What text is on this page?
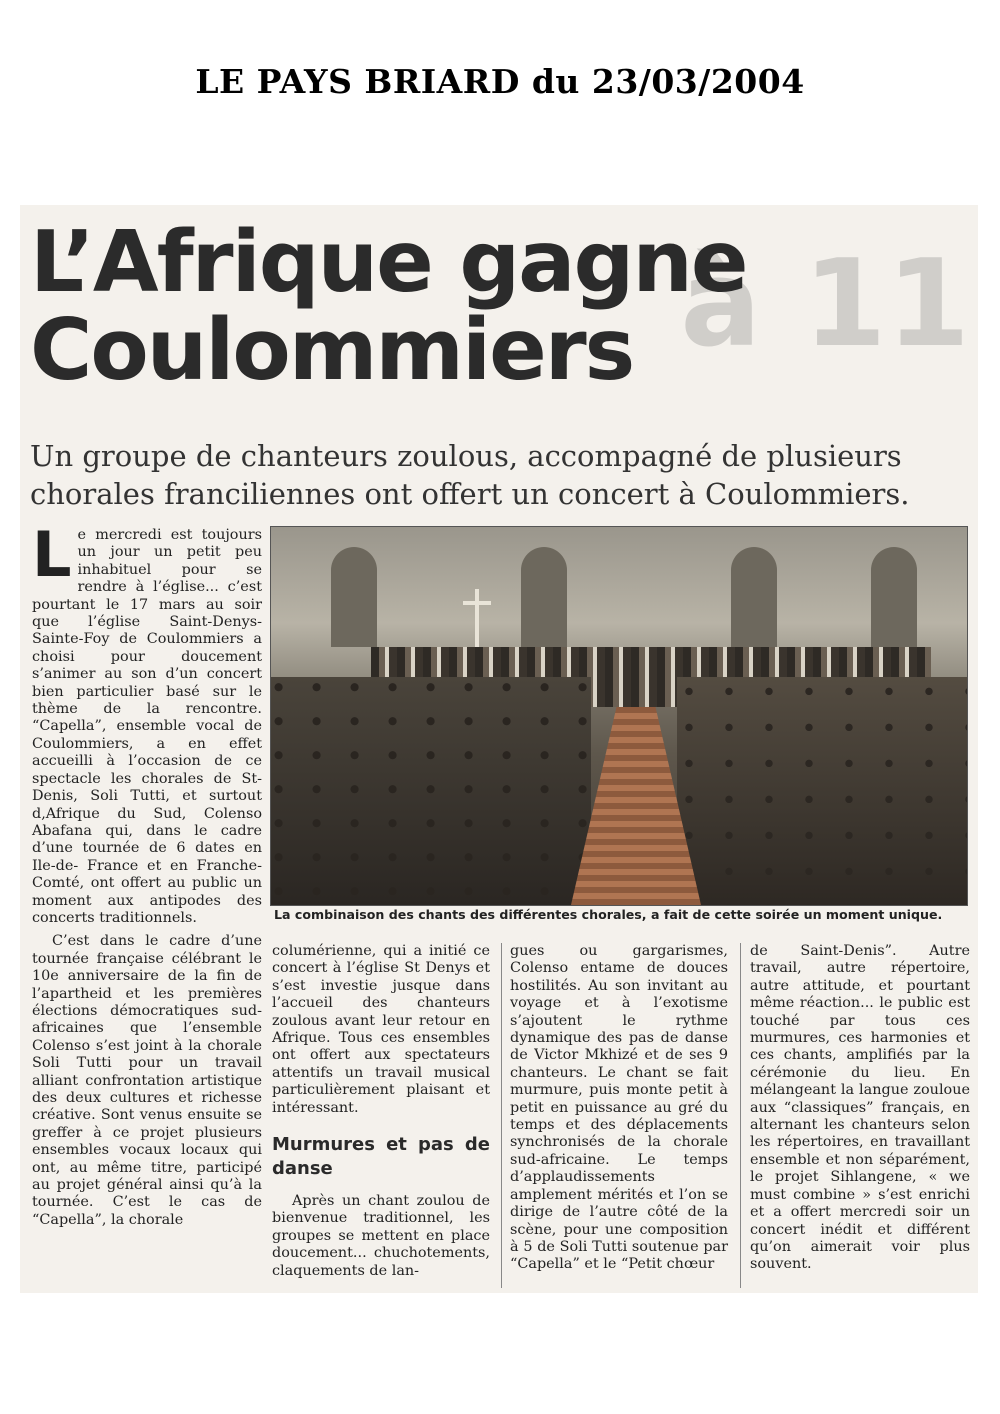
LE PAYS BRIARD du 23/03/2004
à 11
L’Afrique gagne
Coulommiers
Un groupe de chanteurs zoulous, accompagné de plusieurs chorales franciliennes ont offert un concert à Coulommiers.
L e mercredi est toujours un jour un petit peu inhabituel pour se rendre à l’église... c’est pourtant le 17 mars au soir que l’église Saint-Denys-Sainte-Foy de Coulommiers a choisi pour doucement s’animer au son d’un concert bien particulier basé sur le thème de la rencontre. “Capella”, ensemble vocal de Coulommiers, a en effet accueilli à l’occasion de ce spectacle les chorales de St-Denis, Soli Tutti, et surtout d,Afrique du Sud, Colenso Abafana qui, dans le cadre d’une tournée de 6 dates en Ile-de- France et en Franche-Comté, ont offert au public un moment aux antipodes des concerts traditionnels.

C’est dans le cadre d’une tournée française célébrant le 10e anniversaire de la fin de l’apartheid et les premières élections démocratiques sud-africaines que l’ensemble Colenso s’est joint à la chorale Soli Tutti pour un travail alliant confrontation artistique des deux cultures et richesse créative. Sont venus ensuite se greffer à ce projet plusieurs ensembles vocaux locaux qui ont, au même titre, participé au projet général ainsi qu’à la tournée. C’est le cas de “Capella”, la chorale

La combinaison des chants des différentes chorales, a fait de cette soirée un moment unique.

columérienne, qui a initié ce concert à l’église St Denys et s’est investie jusque dans l’accueil des chanteurs zoulous avant leur retour en Afrique. Tous ces ensembles ont offert aux spectateurs attentifs un travail musical particulièrement plaisant et intéressant.

Murmures et pas de danse

Après un chant zoulou de bienvenue traditionnel, les groupes se mettent en place doucement... chuchotements, claquements de lan-

gues ou gargarismes, Colenso entame de douces hostilités. Au son invitant au voyage et à l’exotisme s’ajoutent le rythme dynamique des pas de danse de Victor Mkhizé et de ses 9 chanteurs. Le chant se fait murmure, puis monte petit à petit en puissance au gré du temps et des déplacements synchronisés de la chorale sud-africaine. Le temps d’applaudissements amplement mérités et l’on se dirige de l’autre côté de la scène, pour une composition à 5 de Soli Tutti soutenue par “Capella” et le “Petit chœur

de Saint-Denis”. Autre travail, autre répertoire, autre attitude, et pourtant même réaction... le public est touché par tous ces murmures, ces harmonies et ces chants, amplifiés par la cérémonie du lieu. En mélangeant la langue zouloue aux “classiques” français, en alternant les chanteurs selon les répertoires, en travaillant ensemble et non séparément, le projet Sihlangene, « we must combine » s’est enrichi et a offert mercredi soir un concert inédit et différent qu’on aimerait voir plus souvent.
